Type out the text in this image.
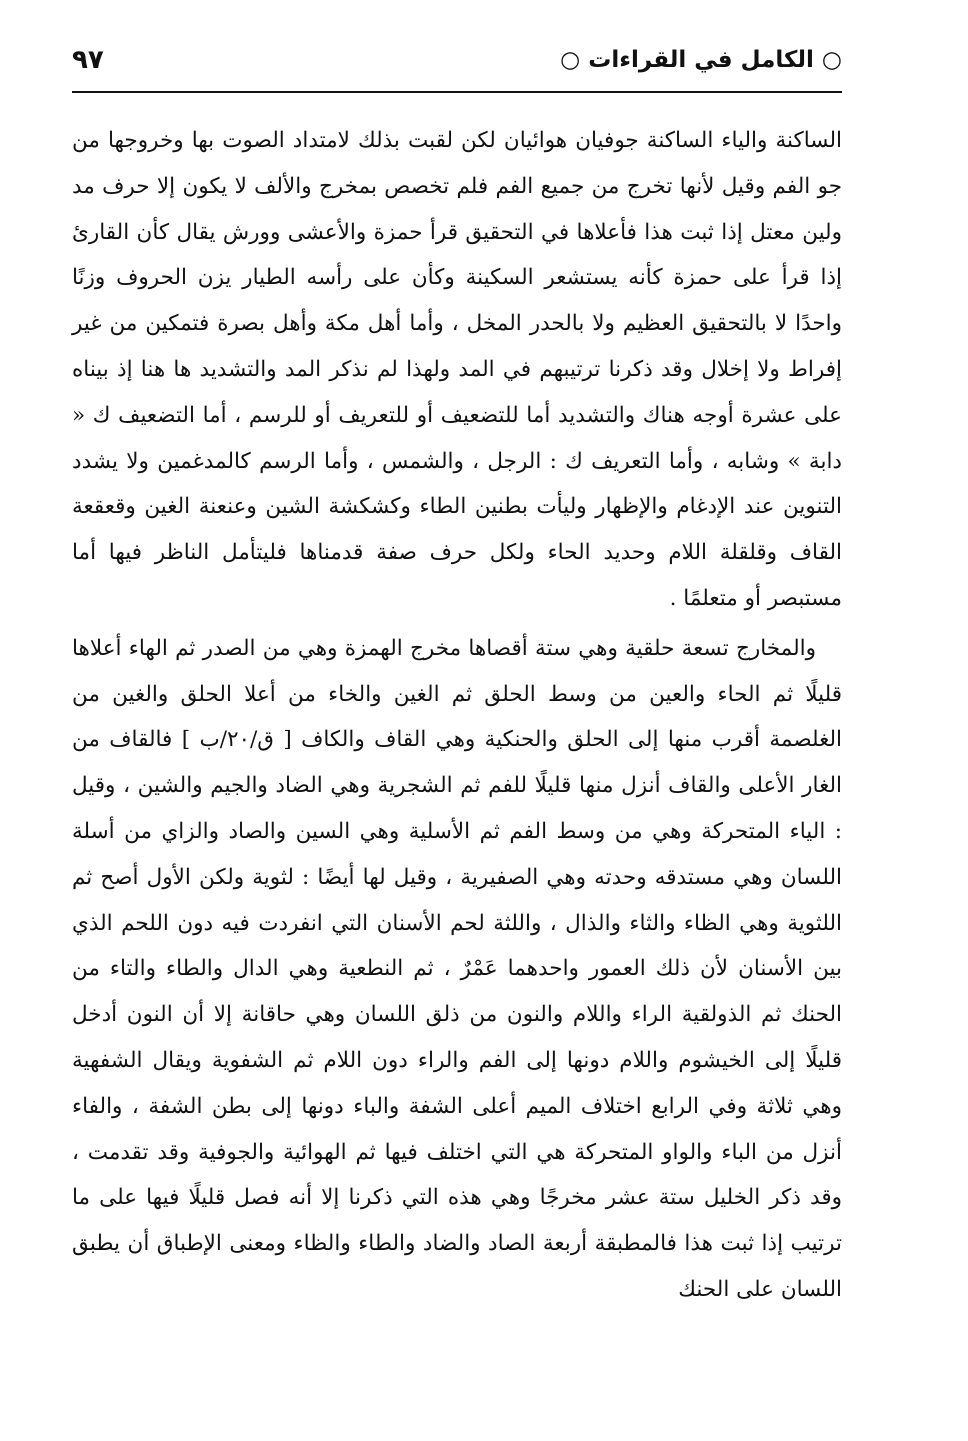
○ الكامل في القراءات ○
٩٧

الساكنة والياء الساكنة جوفيان هوائيان لكن لقبت بذلك لامتداد الصوت بها وخروجها من جو الفم وقيل لأنها تخرج من جميع الفم فلم تخصص بمخرج والألف لا يكون إلا حرف مد ولين معتل إذا ثبت هذا فأعلاها في التحقيق قرأ حمزة والأعشى وورش يقال كأن القارئ إذا قرأ على حمزة كأنه يستشعر السكينة وكأن على رأسه الطيار يزن الحروف وزنًا واحدًا لا بالتحقيق العظيم ولا بالحدر المخل ، وأما أهل مكة وأهل بصرة فتمكين من غير إفراط ولا إخلال وقد ذكرنا ترتيبهم في المد ولهذا لم نذكر المد والتشديد ها هنا إذ بيناه على عشرة أوجه هناك والتشديد أما للتضعيف أو للتعريف أو للرسم ، أما التضعيف ك « دابة » وشابه ، وأما التعريف ك : الرجل ، والشمس ، وأما الرسم كالمدغمين ولا يشدد التنوين عند الإدغام والإظهار وليأت بطنين الطاء وكشكشة الشين وعنعنة الغين وقعقعة القاف وقلقلة اللام وحديد الحاء ولكل حرف صفة قدمناها فليتأمل الناظر فيها أما مستبصر أو متعلمًا .

والمخارج تسعة حلقية وهي ستة أقصاها مخرج الهمزة وهي من الصدر ثم الهاء أعلاها قليلًا ثم الحاء والعين من وسط الحلق ثم الغين والخاء من أعلا الحلق والغين من الغلصمة أقرب منها إلى الحلق والحنكية وهي القاف والكاف [ ق/٢٠/ب ] فالقاف من الغار الأعلى والقاف أنزل منها قليلًا للفم ثم الشجرية وهي الضاد والجيم والشين ، وقيل : الياء المتحركة وهي من وسط الفم ثم الأسلية وهي السين والصاد والزاي من أسلة اللسان وهي مستدقه وحدته وهي الصفيرية ، وقيل لها أيضًا : لثوية ولكن الأول أصح ثم اللثوية وهي الظاء والثاء والذال ، واللثة لحم الأسنان التي انفردت فيه دون اللحم الذي بين الأسنان لأن ذلك العمور واحدهما عَمْرٌ ، ثم النطعية وهي الدال والطاء والتاء من الحنك ثم الذولقية الراء واللام والنون من ذلق اللسان وهي حاقانة إلا أن النون أدخل قليلًا إلى الخيشوم واللام دونها إلى الفم والراء دون اللام ثم الشفوية ويقال الشفهية وهي ثلاثة وفي الرابع اختلاف الميم أعلى الشفة والباء دونها إلى بطن الشفة ، والفاء أنزل من الباء والواو المتحركة هي التي اختلف فيها ثم الهوائية والجوفية وقد تقدمت ، وقد ذكر الخليل ستة عشر مخرجًا وهي هذه التي ذكرنا إلا أنه فصل قليلًا فيها على ما ترتيب إذا ثبت هذا فالمطبقة أربعة الصاد والضاد والطاء والظاء ومعنى الإطباق أن يطبق اللسان على الحنك
